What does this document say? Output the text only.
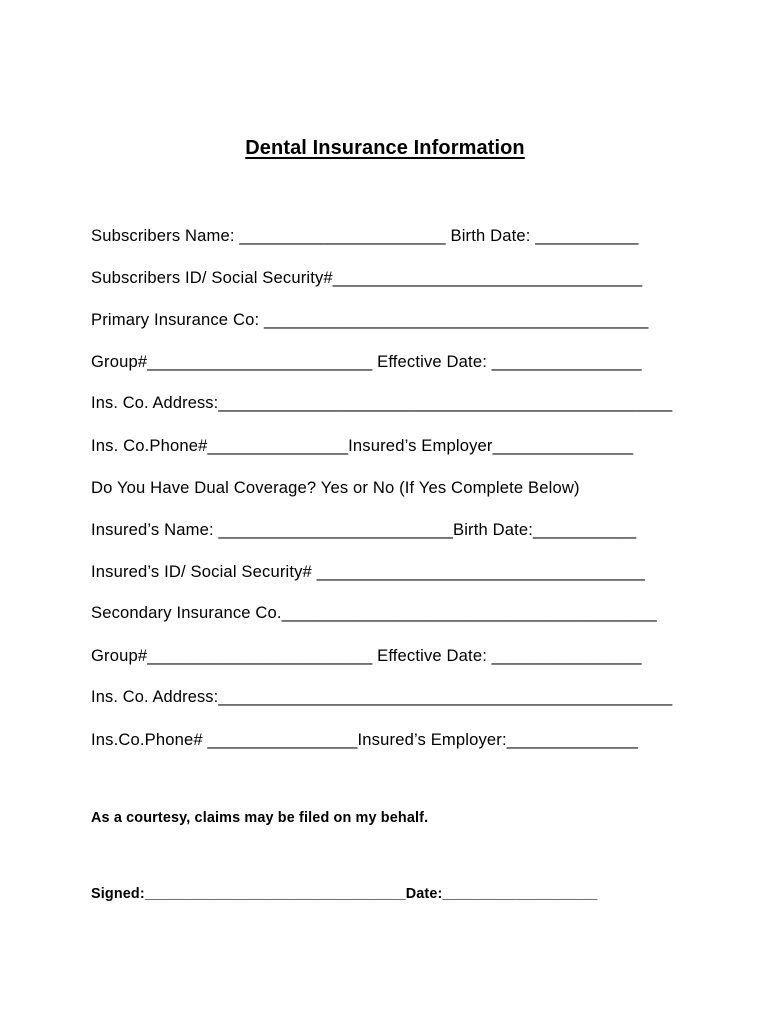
Dental Insurance Information
Subscribers Name: ______________________ Birth Date: ___________
Subscribers ID/ Social Security#_________________________________
Primary Insurance Co: _________________________________________
Group#________________________ Effective Date: ________________
Ins. Co. Address:_________________________________________________
Ins. Co.Phone#_______________Insured’s Employer_______________
Do You Have Dual Coverage? Yes or No (If Yes Complete Below)
Insured’s Name: _________________________Birth Date:___________
Insured’s ID/ Social Security# ___________________________________
Secondary Insurance Co.________________________________________
Group#________________________ Effective Date: ________________
Ins. Co. Address:_________________________________________________
Ins.Co.Phone# ________________Insured’s Employer:______________
As a courtesy, claims may be filed on my behalf.
Signed:________________________________Date:___________________
